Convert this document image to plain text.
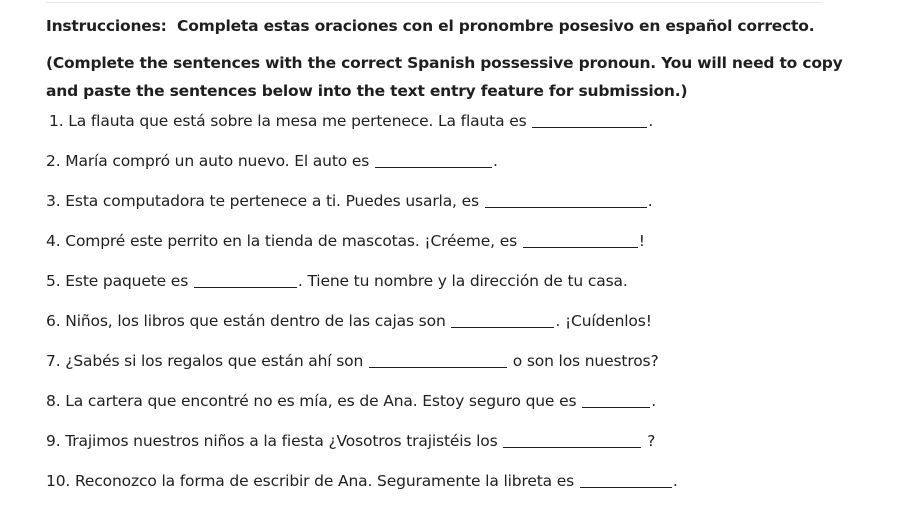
Instrucciones:  Completa estas oraciones con el pronombre posesivo en español correcto.

(Complete the sentences with the correct Spanish possessive pronoun. You will need to copy and paste the sentences below into the text entry feature for submission.)

1. La flauta que está sobre la mesa me pertenece. La flauta es	.
2. María compró un auto nuevo. El auto es	.
3. Esta computadora te pertenece a ti. Puedes usarla, es	.
4. Compré este perrito en la tienda de mascotas. ¡Créeme, es	!
5. Este paquete es	. Tiene tu nombre y la dirección de tu casa.
6. Niños, los libros que están dentro de las cajas son	. ¡Cuídenlos!
7. ¿Sabés si los regalos que están ahí son	o son los nuestros?
8. La cartera que encontré no es mía, es de Ana. Estoy seguro que es	.
9. Trajimos nuestros niños a la fiesta ¿Vosotros trajistéis los	?
10. Reconozco la forma de escribir de Ana. Seguramente la libreta es	.
